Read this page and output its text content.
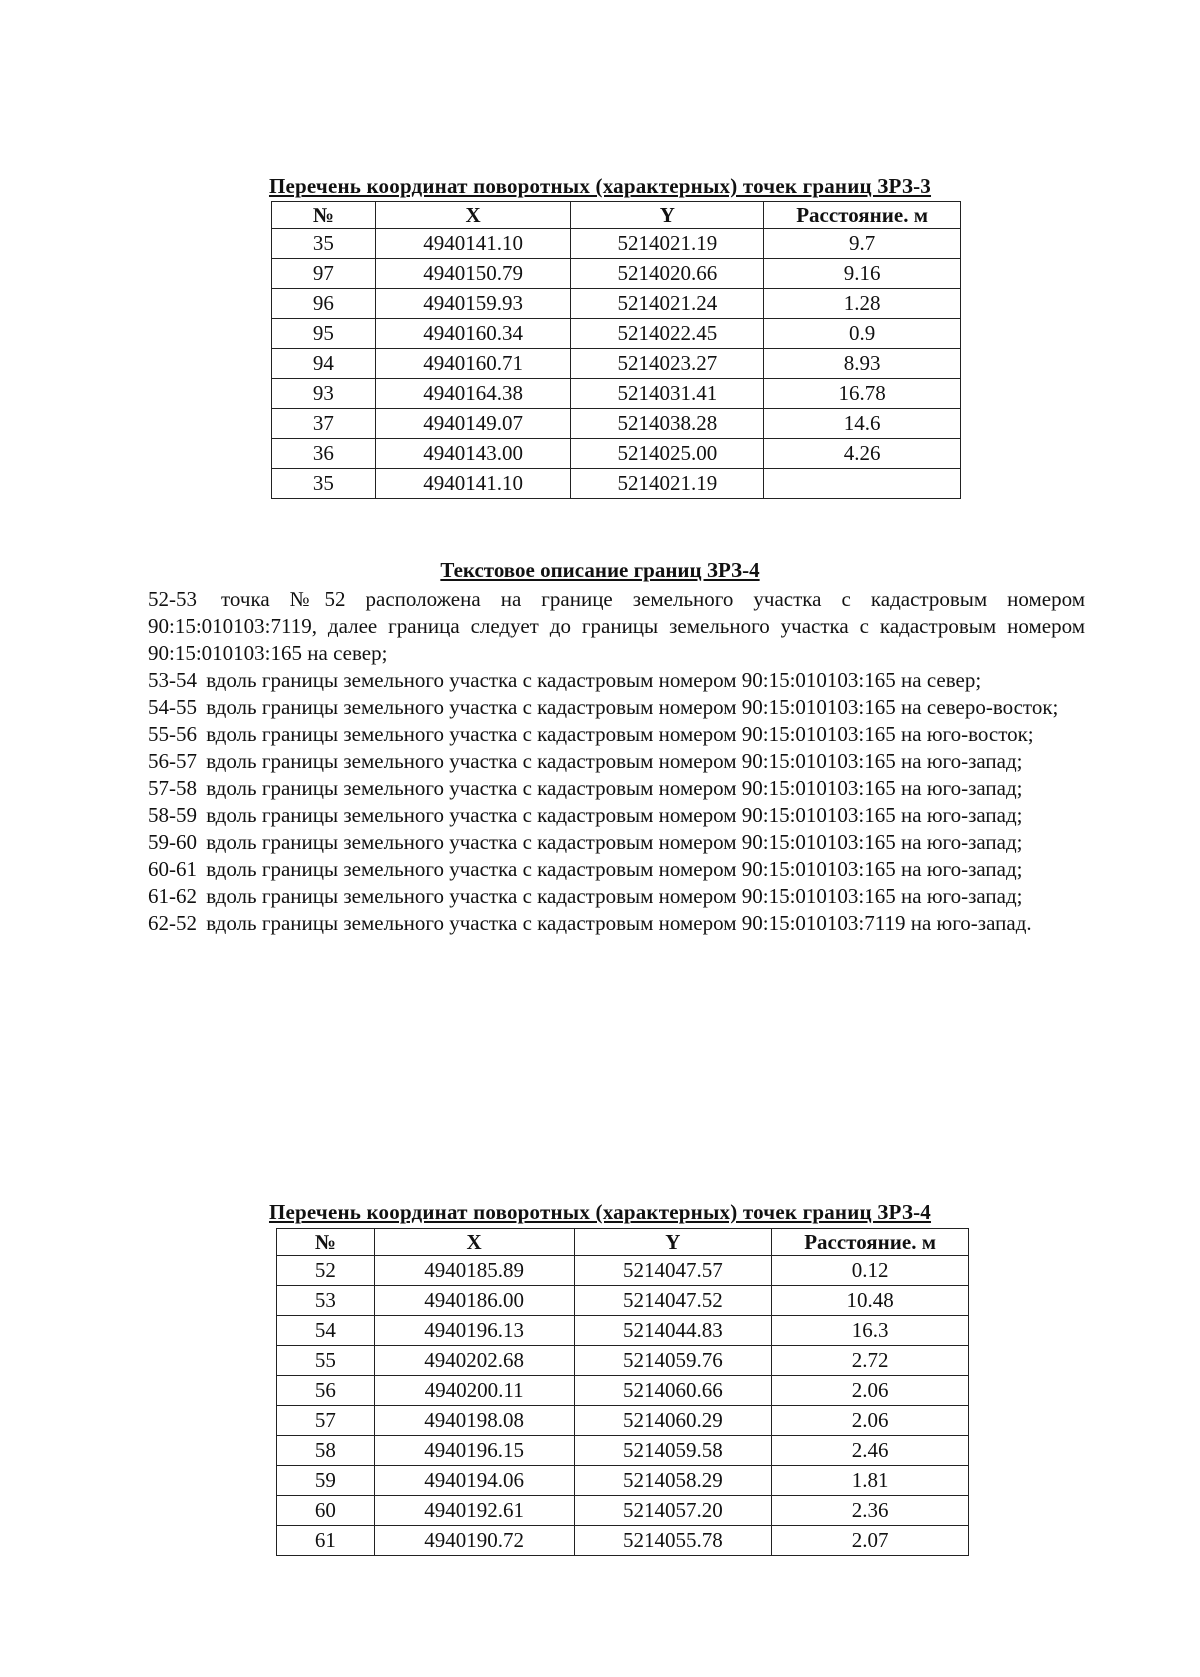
Перечень координат поворотных (характерных) точек границ ЗРЗ-3
№	X	Y	Расстояние. м
35	4940141.10	5214021.19	9.7
97	4940150.79	5214020.66	9.16
96	4940159.93	5214021.24	1.28
95	4940160.34	5214022.45	0.9
94	4940160.71	5214023.27	8.93
93	4940164.38	5214031.41	16.78
37	4940149.07	5214038.28	14.6
36	4940143.00	5214025.00	4.26
35	4940141.10	5214021.19	
Текстовое описание границ ЗРЗ-4

52-53 точка №52 расположена на границе земельного участка с кадастровым номером 90:15:010103:7119, далее граница следует до границы земельного участка с кадастровым номером 90:15:010103:165 на север;

53-54 вдоль границы земельного участка с кадастровым номером 90:15:010103:165 на север;

54-55 вдоль границы земельного участка с кадастровым номером 90:15:010103:165 на северо-восток;

55-56 вдоль границы земельного участка с кадастровым номером 90:15:010103:165 на юго-восток;

56-57 вдоль границы земельного участка с кадастровым номером 90:15:010103:165 на юго-запад;

57-58 вдоль границы земельного участка с кадастровым номером 90:15:010103:165 на юго-запад;

58-59 вдоль границы земельного участка с кадастровым номером 90:15:010103:165 на юго-запад;

59-60 вдоль границы земельного участка с кадастровым номером 90:15:010103:165 на юго-запад;

60-61 вдоль границы земельного участка с кадастровым номером 90:15:010103:165 на юго-запад;

61-62 вдоль границы земельного участка с кадастровым номером 90:15:010103:165 на юго-запад;

62-52 вдоль границы земельного участка с кадастровым номером 90:15:010103:7119 на юго-запад.

Перечень координат поворотных (характерных) точек границ ЗРЗ-4
№	X	Y	Расстояние. м
52	4940185.89	5214047.57	0.12
53	4940186.00	5214047.52	10.48
54	4940196.13	5214044.83	16.3
55	4940202.68	5214059.76	2.72
56	4940200.11	5214060.66	2.06
57	4940198.08	5214060.29	2.06
58	4940196.15	5214059.58	2.46
59	4940194.06	5214058.29	1.81
60	4940192.61	5214057.20	2.36
61	4940190.72	5214055.78	2.07
